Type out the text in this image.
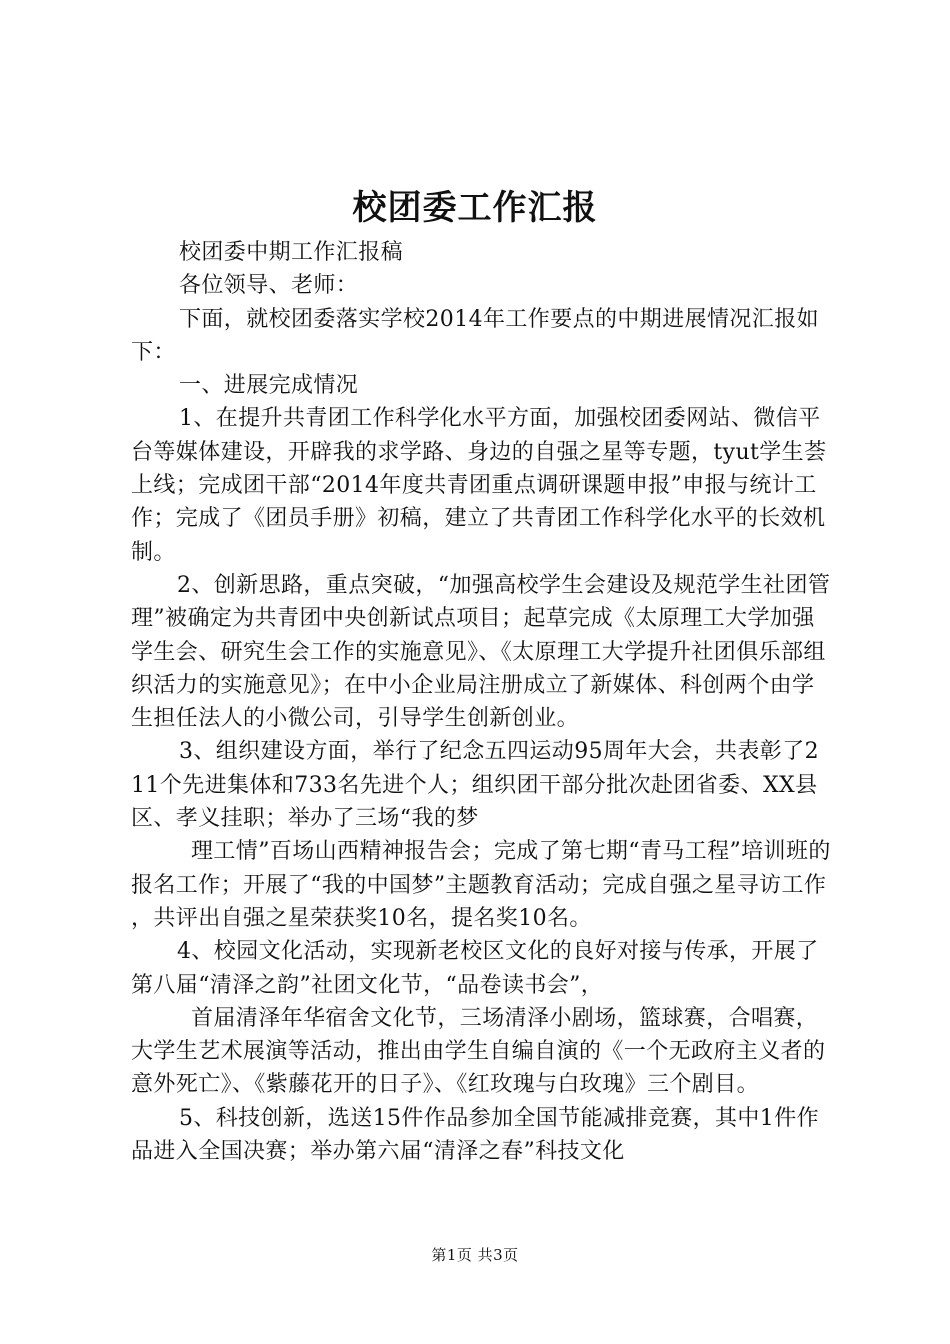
校团委工作汇报

校团委中期工作汇报稿

各位领导、老师：

下面，就校团委落实学校2014年工作要点的中期进展情况汇报如下：

一、进展完成情况

1、在提升共青团工作科学化水平方面，加强校团委网站、微信平台等媒体建设，开辟我的求学路、身边的自强之星等专题，tyut学生荟上线；完成团干部“2014年度共青团重点调研课题申报”申报与统计工作；完成了《团员手册》初稿，建立了共青团工作科学化水平的长效机制。

2、创新思路，重点突破，“加强高校学生会建设及规范学生社团管理”被确定为共青团中央创新试点项目；起草完成《太原理工大学加强学生会、研究生会工作的实施意见》、《太原理工大学提升社团俱乐部组织活力的实施意见》；在中小企业局注册成立了新媒体、科创两个由学生担任法人的小微公司，引导学生创新创业。

3、组织建设方面，举行了纪念五四运动95周年大会，共表彰了211个先进集体和733名先进个人；组织团干部分批次赴团省委、XX县区、孝义挂职；举办了三场“我的梦

理工情”百场山西精神报告会；完成了第七期“青马工程”培训班的报名工作；开展了“我的中国梦”主题教育活动；完成自强之星寻访工作，共评出自强之星荣获奖10名，提名奖10名。

4、校园文化活动，实现新老校区文化的良好对接与传承，开展了第八届“清泽之韵”社团文化节，“品卷读书会”，

首届清泽年华宿舍文化节，三场清泽小剧场，篮球赛，合唱赛，大学生艺术展演等活动，推出由学生自编自演的《一个无政府主义者的意外死亡》、《紫藤花开的日子》、《红玫瑰与白玫瑰》三个剧目。

5、科技创新，选送15件作品参加全国节能减排竞赛，其中1件作品进入全国决赛；举办第六届“清泽之春”科技文化

第1页 共3页
